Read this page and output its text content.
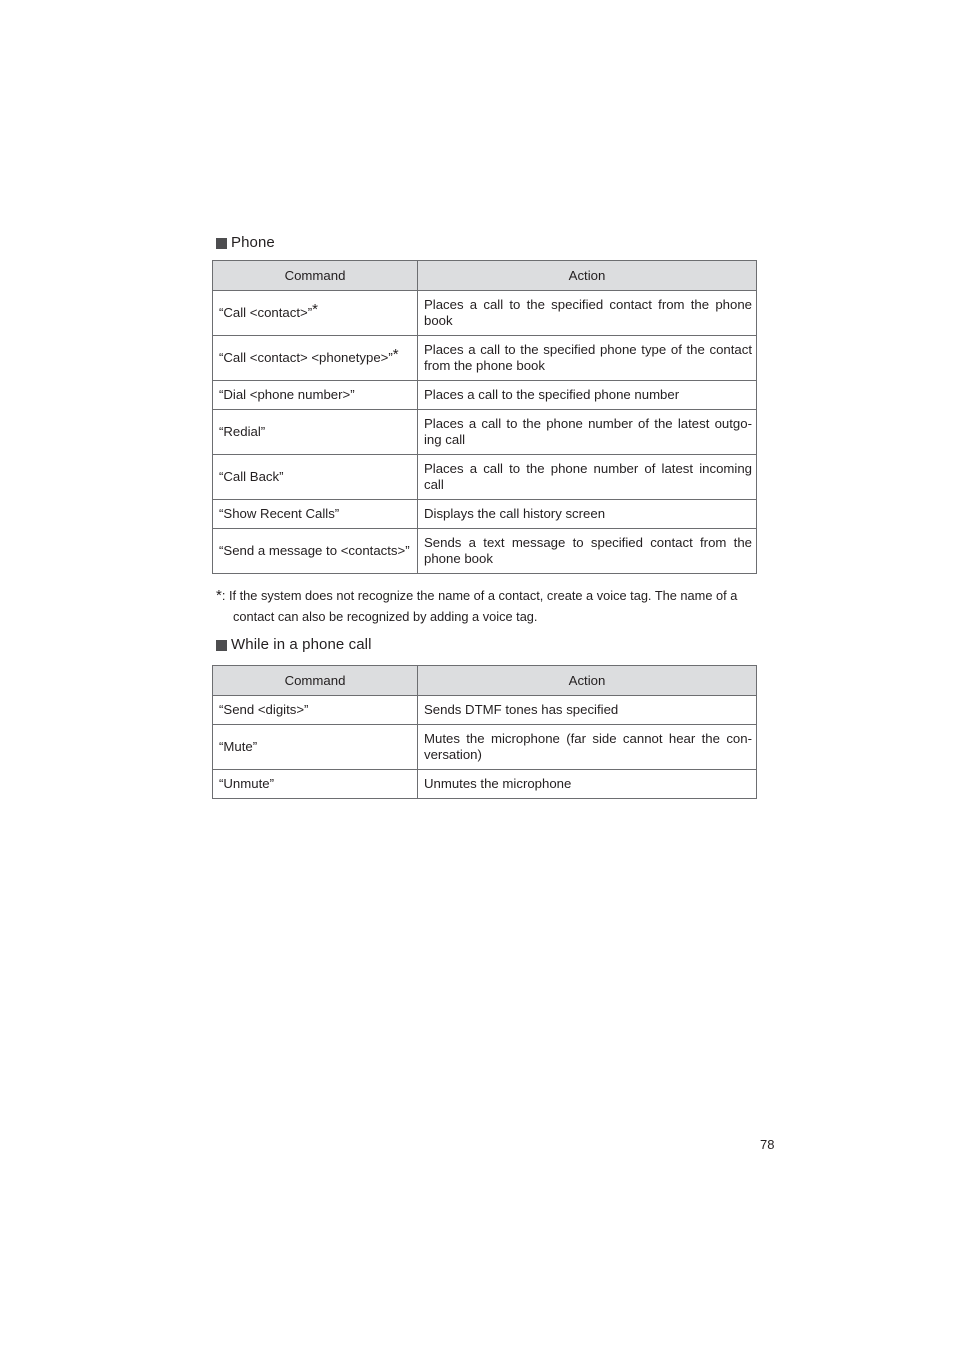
Phone
Command	Action
“Call <contact>”*	Places a call to the specified contact from the phone book
“Call <contact> <phonetype>”*	Places a call to the specified phone type of the contact from the phone book
“Dial <phone number>”	Places a call to the specified phone number
“Redial”	Places a call to the phone number of the latest outgo- ing call
“Call Back”	Places a call to the phone number of latest incoming call
“Show Recent Calls”	Displays the call history screen
“Send a message to <contacts>”	Sends a text message to specified contact from the phone book
*: If the system does not recognize the name of a contact, create a voice tag. The name of a
contact can also be recognized by adding a voice tag.
While in a phone call
Command	Action
“Send <digits>”	Sends DTMF tones has specified
“Mute”	Mutes the microphone (far side cannot hear the con- versation)
“Unmute”	Unmutes the microphone
78
